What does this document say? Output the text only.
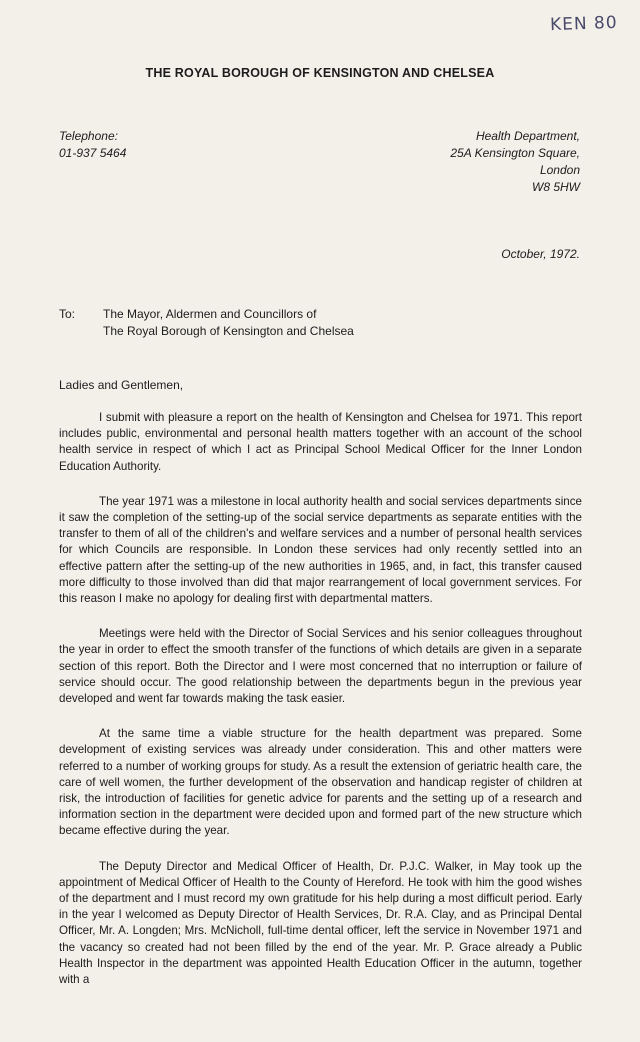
KEN 80
THE ROYAL BOROUGH OF KENSINGTON AND CHELSEA
Telephone:
01-937 5464
Health Department,
25A Kensington Square,
London
W8 5HW
October, 1972.
To: The Mayor, Aldermen and Councillors of
The Royal Borough of Kensington and Chelsea
Ladies and Gentlemen,

I submit with pleasure a report on the health of Kensington and Chelsea for 1971. This report includes public, environmental and personal health matters together with an account of the school health service in respect of which I act as Principal School Medical Officer for the Inner London Education Authority.

The year 1971 was a milestone in local authority health and social services departments since it saw the completion of the setting-up of the social service departments as separate entities with the transfer to them of all of the children's and welfare services and a number of personal health services for which Councils are responsible. In London these services had only recently settled into an effective pattern after the setting-up of the new authorities in 1965, and, in fact, this transfer caused more difficulty to those involved than did that major rearrangement of local government services. For this reason I make no apology for dealing first with departmental matters.

Meetings were held with the Director of Social Services and his senior colleagues throughout the year in order to effect the smooth transfer of the functions of which details are given in a separate section of this report. Both the Director and I were most concerned that no interruption or failure of service should occur. The good relationship between the departments begun in the previous year developed and went far towards making the task easier.

At the same time a viable structure for the health department was prepared. Some development of existing services was already under consideration. This and other matters were referred to a number of working groups for study. As a result the extension of geriatric health care, the care of well women, the further development of the observation and handicap register of children at risk, the introduction of facilities for genetic advice for parents and the setting up of a research and information section in the department were decided upon and formed part of the new structure which became effective during the year.

The Deputy Director and Medical Officer of Health, Dr. P.J.C. Walker, in May took up the appointment of Medical Officer of Health to the County of Hereford. He took with him the good wishes of the department and I must record my own gratitude for his help during a most difficult period. Early in the year I welcomed as Deputy Director of Health Services, Dr. R.A. Clay, and as Principal Dental Officer, Mr. A. Longden; Mrs. McNicholl, full-time dental officer, left the service in November 1971 and the vacancy so created had not been filled by the end of the year. Mr. P. Grace already a Public Health Inspector in the department was appointed Health Education Officer in the autumn, together with a
